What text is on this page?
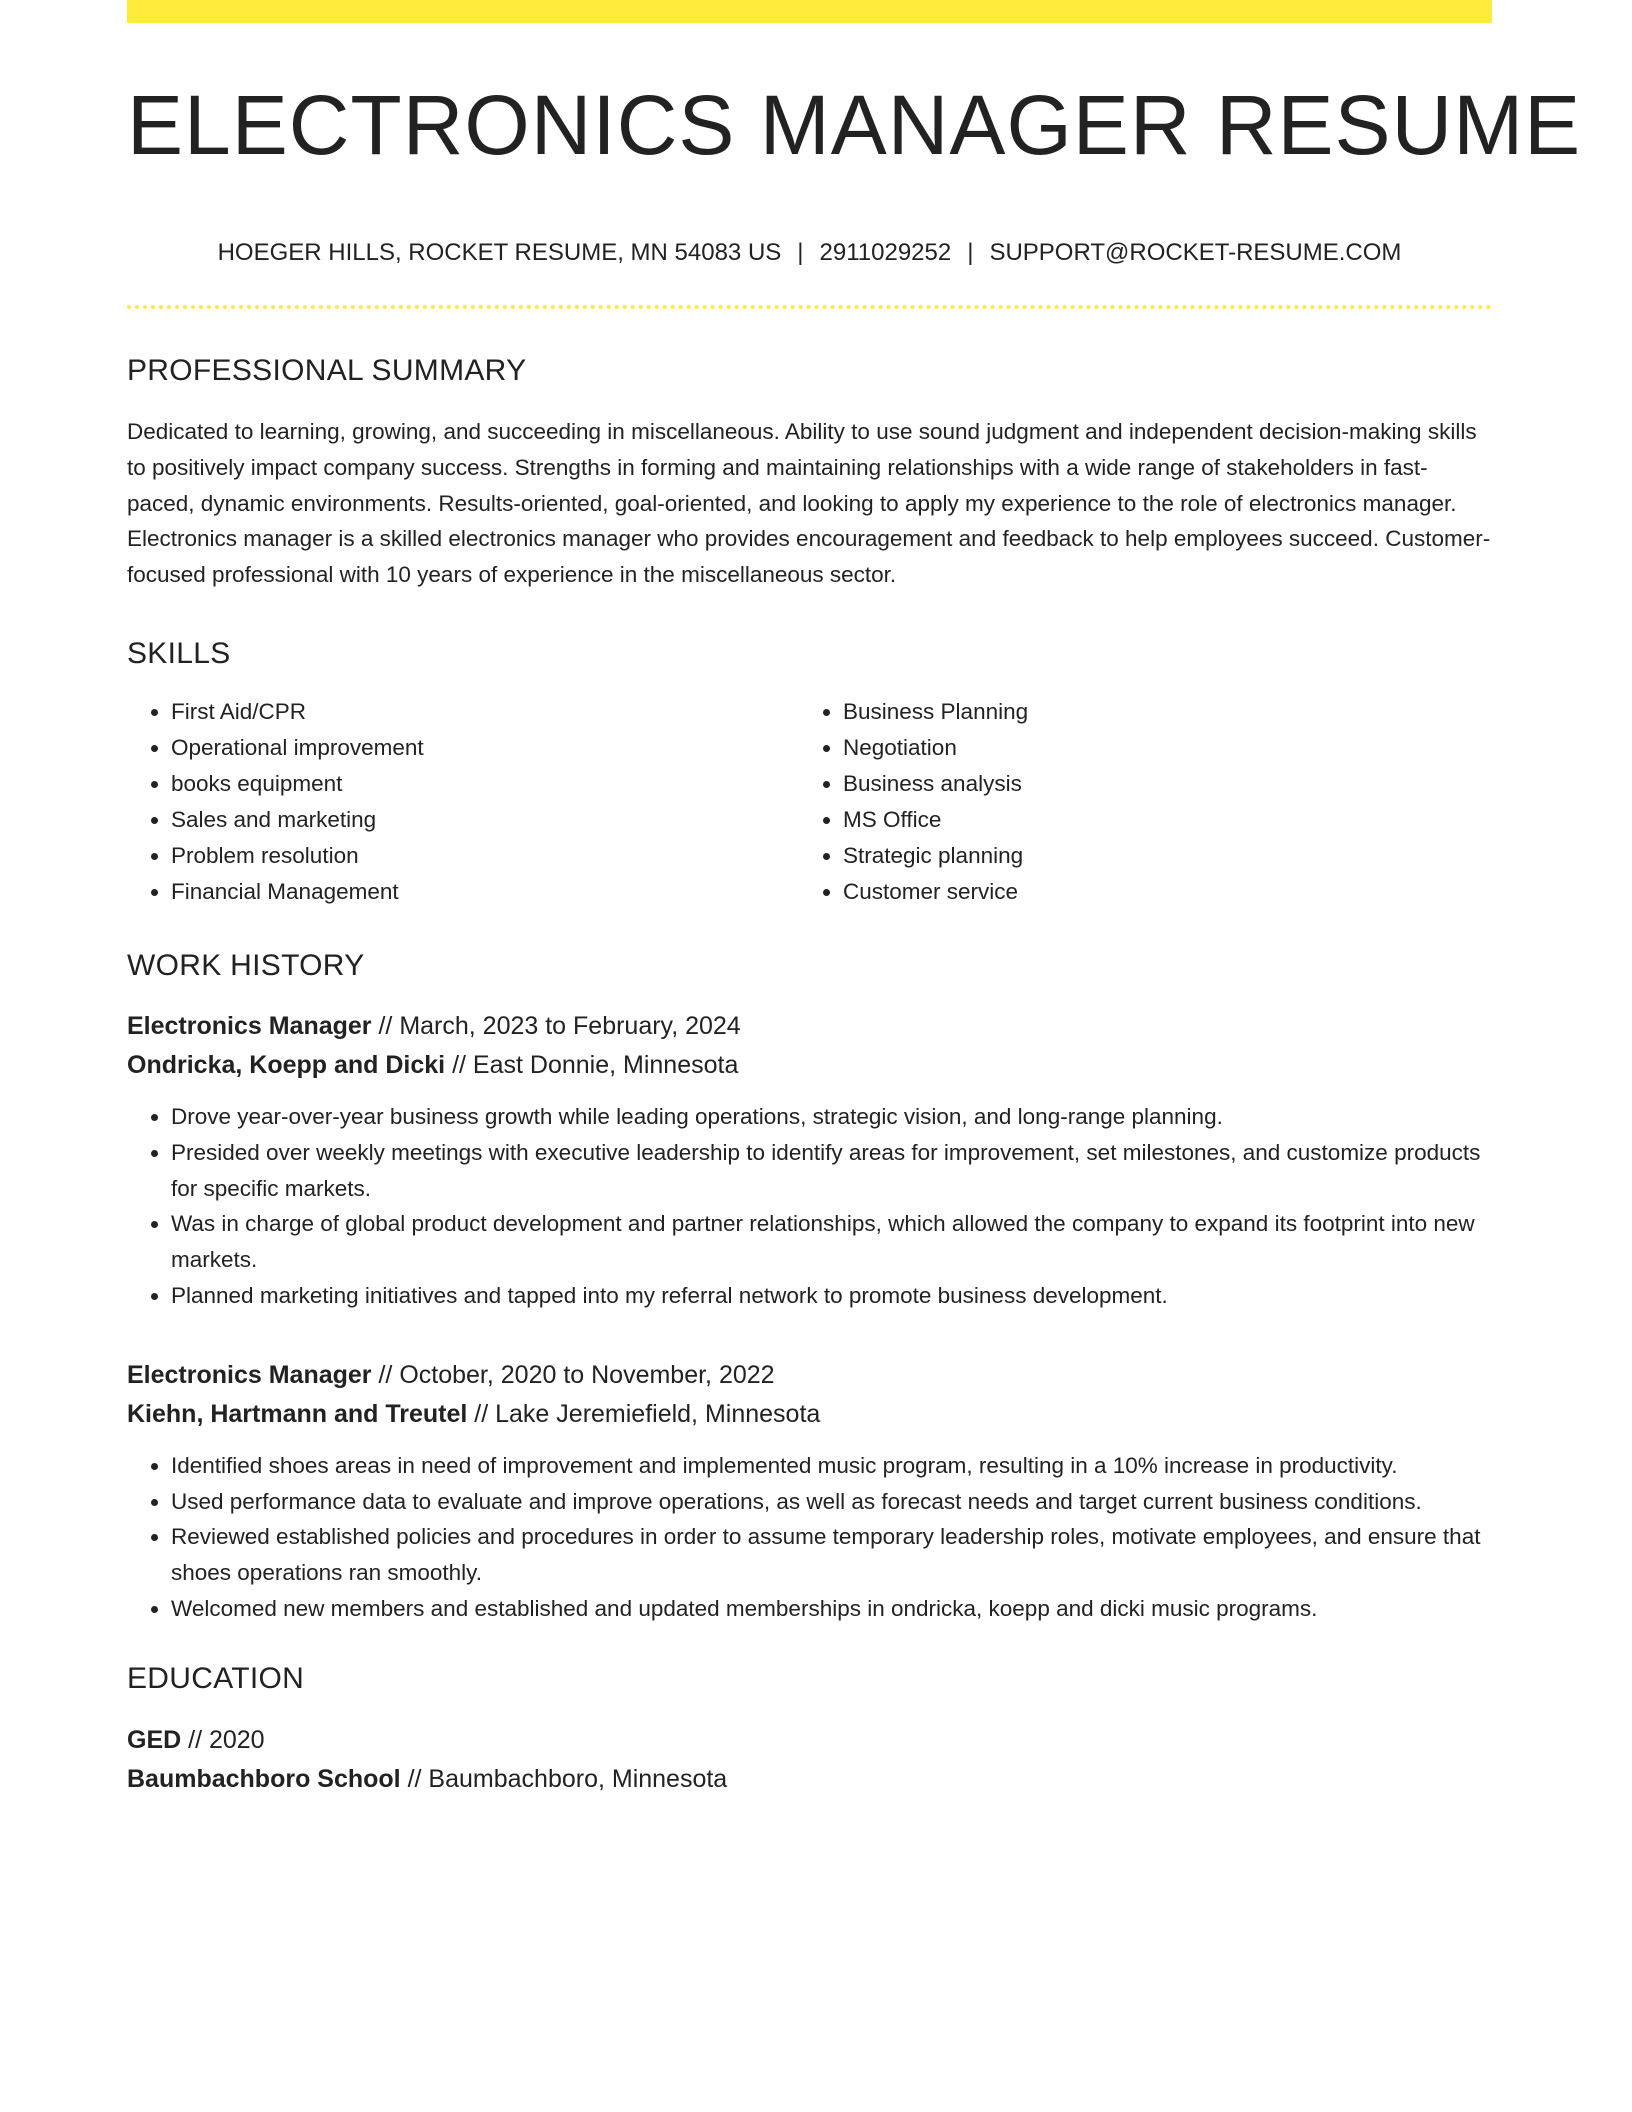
ELECTRONICS MANAGER RESUME
HOEGER HILLS, ROCKET RESUME, MN 54083 US | 2911029252 | SUPPORT@ROCKET-RESUME.COM
PROFESSIONAL SUMMARY
Dedicated to learning, growing, and succeeding in miscellaneous. Ability to use sound judgment and independent decision-making skills to positively impact company success. Strengths in forming and maintaining relationships with a wide range of stakeholders in fast-paced, dynamic environments. Results-oriented, goal-oriented, and looking to apply my experience to the role of electronics manager. Electronics manager is a skilled electronics manager who provides encouragement and feedback to help employees succeed. Customer-focused professional with 10 years of experience in the miscellaneous sector.
SKILLS
• First Aid/CPR
• Operational improvement
• books equipment
• Sales and marketing
• Problem resolution
• Financial Management
• Business Planning
• Negotiation
• Business analysis
• MS Office
• Strategic planning
• Customer service
WORK HISTORY
Electronics Manager // March, 2023 to February, 2024
Ondricka, Koepp and Dicki // East Donnie, Minnesota
• Drove year-over-year business growth while leading operations, strategic vision, and long-range planning.
• Presided over weekly meetings with executive leadership to identify areas for improvement, set milestones, and customize products for specific markets.
• Was in charge of global product development and partner relationships, which allowed the company to expand its footprint into new markets.
• Planned marketing initiatives and tapped into my referral network to promote business development.
Electronics Manager // October, 2020 to November, 2022
Kiehn, Hartmann and Treutel // Lake Jeremiefield, Minnesota
• Identified shoes areas in need of improvement and implemented music program, resulting in a 10% increase in productivity.
• Used performance data to evaluate and improve operations, as well as forecast needs and target current business conditions.
• Reviewed established policies and procedures in order to assume temporary leadership roles, motivate employees, and ensure that shoes operations ran smoothly.
• Welcomed new members and established and updated memberships in ondricka, koepp and dicki music programs.
EDUCATION
GED // 2020
Baumbachboro School // Baumbachboro, Minnesota
